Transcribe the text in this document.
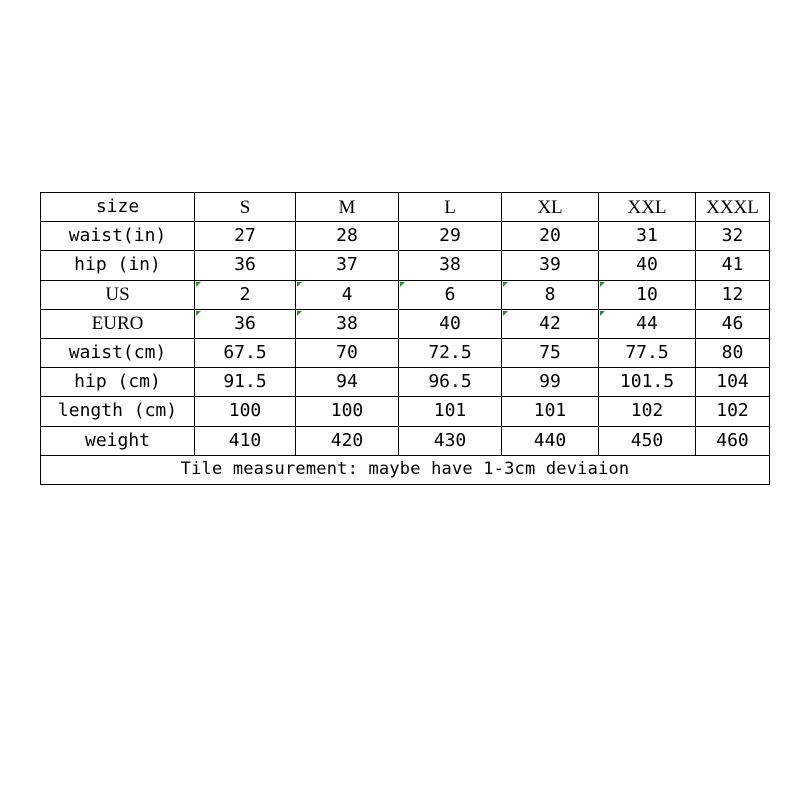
size	S	M	L	XL	XXL	XXXL
waist(in)	27	28	29	20	31	32
hip (in)	36	37	38	39	40	41
US	2	4	6	8	10	12
EURO	36	38	40	42	44	46
waist(cm)	67.5	70	72.5	75	77.5	80
hip (cm)	91.5	94	96.5	99	101.5	104
length (cm)	100	100	101	101	102	102
weight	410	420	430	440	450	460
Tile measurement: maybe have 1-3cm deviaion						
